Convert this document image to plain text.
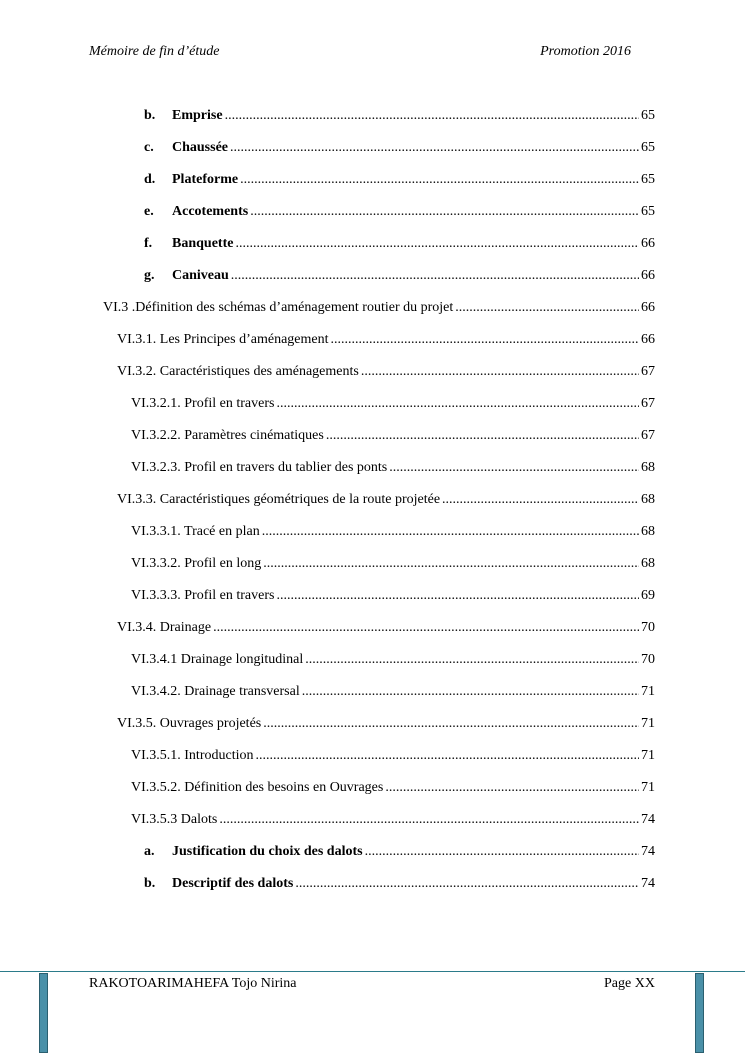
Mémoire de fin d’étude	Promotion 2016
b. Emprise .....	65
c. Chaussée .....	65
d. Plateforme .....	65
e. Accotements .....	65
f. Banquette .....	66
g. Caniveau .....	66
VI.3 .Définition des schémas d’aménagement routier du projet .....	66
VI.3.1. Les Principes d’aménagement .....	66
VI.3.2. Caractéristiques des aménagements .....	67
VI.3.2.1. Profil en travers .....	67
VI.3.2.2. Paramètres cinématiques .....	67
VI.3.2.3. Profil en travers du tablier des ponts .....	68
VI.3.3. Caractéristiques géométriques de la route projetée .....	68
VI.3.3.1. Tracé en plan .....	68
VI.3.3.2. Profil en long .....	68
VI.3.3.3. Profil en travers .....	69
VI.3.4. Drainage .....	70
VI.3.4.1 Drainage longitudinal .....	70
VI.3.4.2. Drainage transversal .....	71
VI.3.5. Ouvrages projetés .....	71
VI.3.5.1. Introduction .....	71
VI.3.5.2. Définition des besoins en Ouvrages .....	71
VI.3.5.3 Dalots .....	74
a. Justification du choix des dalots .....	74
b. Descriptif des dalots .....	74
RAKOTOARIMAHEFA Tojo Nirina	Page XX
